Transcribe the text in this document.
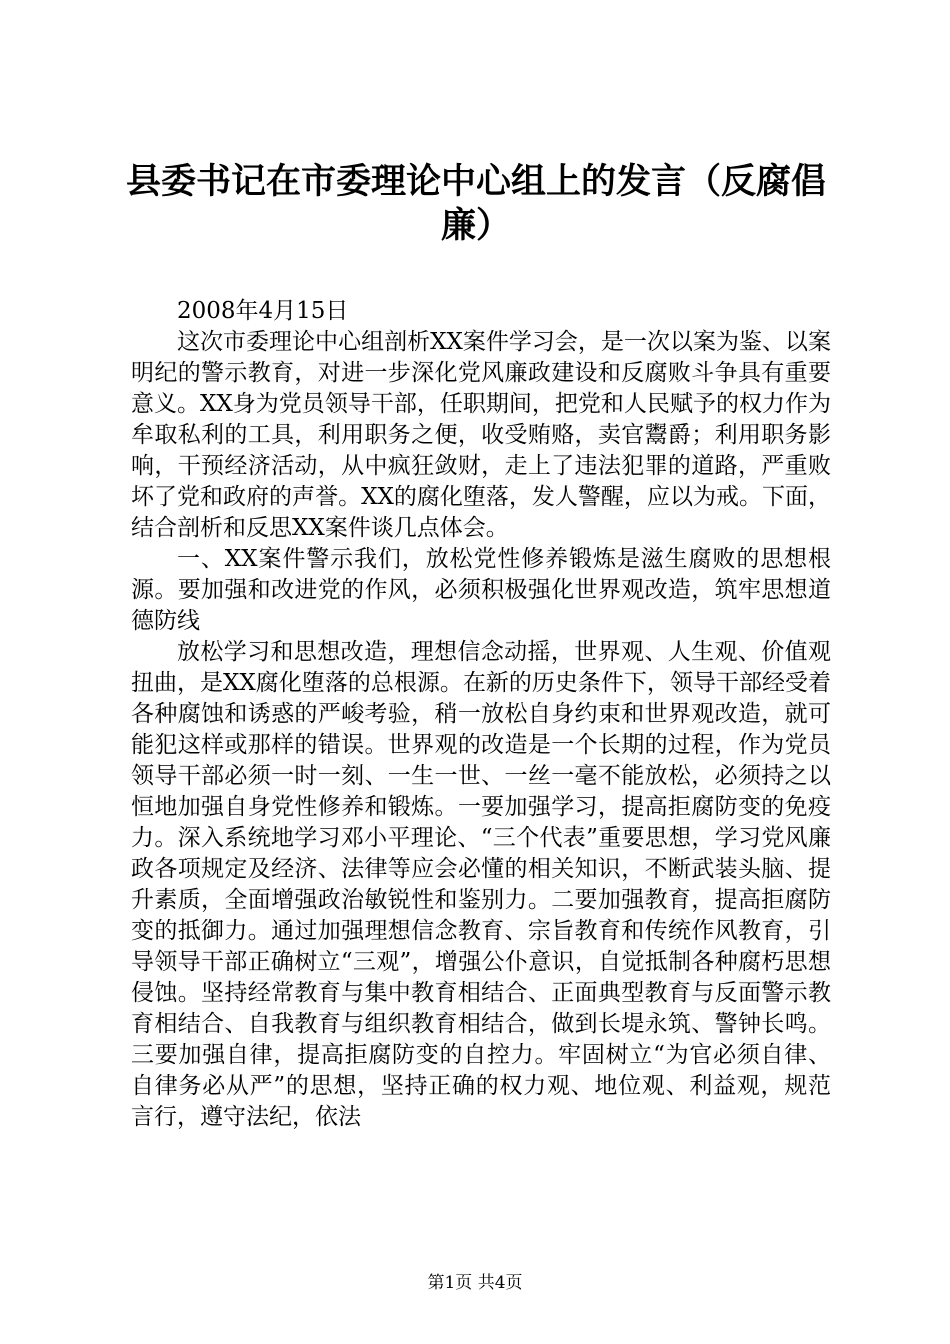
县委书记在市委理论中心组上的发言（反腐倡廉）

2008年4月15日

这次市委理论中心组剖析XX案件学习会，是一次以案为鉴、以案明纪的警示教育，对进一步深化党风廉政建设和反腐败斗争具有重要意义。XX身为党员领导干部，任职期间，把党和人民赋予的权力作为牟取私利的工具，利用职务之便，收受贿赂，卖官鬻爵；利用职务影响，干预经济活动，从中疯狂敛财，走上了违法犯罪的道路，严重败坏了党和政府的声誉。XX的腐化堕落，发人警醒，应以为戒。下面，结合剖析和反思XX案件谈几点体会。

一、XX案件警示我们，放松党性修养锻炼是滋生腐败的思想根源。要加强和改进党的作风，必须积极强化世界观改造，筑牢思想道德防线

放松学习和思想改造，理想信念动摇，世界观、人生观、价值观扭曲，是XX腐化堕落的总根源。在新的历史条件下，领导干部经受着各种腐蚀和诱惑的严峻考验，稍一放松自身约束和世界观改造，就可能犯这样或那样的错误。世界观的改造是一个长期的过程，作为党员领导干部必须一时一刻、一生一世、一丝一毫不能放松，必须持之以恒地加强自身党性修养和锻炼。一要加强学习，提高拒腐防变的免疫力。深入系统地学习邓小平理论、“三个代表”重要思想，学习党风廉政各项规定及经济、法律等应会必懂的相关知识，不断武装头脑、提升素质，全面增强政治敏锐性和鉴别力。二要加强教育，提高拒腐防变的抵御力。通过加强理想信念教育、宗旨教育和传统作风教育，引导领导干部正确树立“三观”，增强公仆意识，自觉抵制各种腐朽思想侵蚀。坚持经常教育与集中教育相结合、正面典型教育与反面警示教育相结合、自我教育与组织教育相结合，做到长堤永筑、警钟长鸣。三要加强自律，提高拒腐防变的自控力。牢固树立“为官必须自律、自律务必从严”的思想，坚持正确的权力观、地位观、利益观，规范言行，遵守法纪，依法

第1页 共4页
